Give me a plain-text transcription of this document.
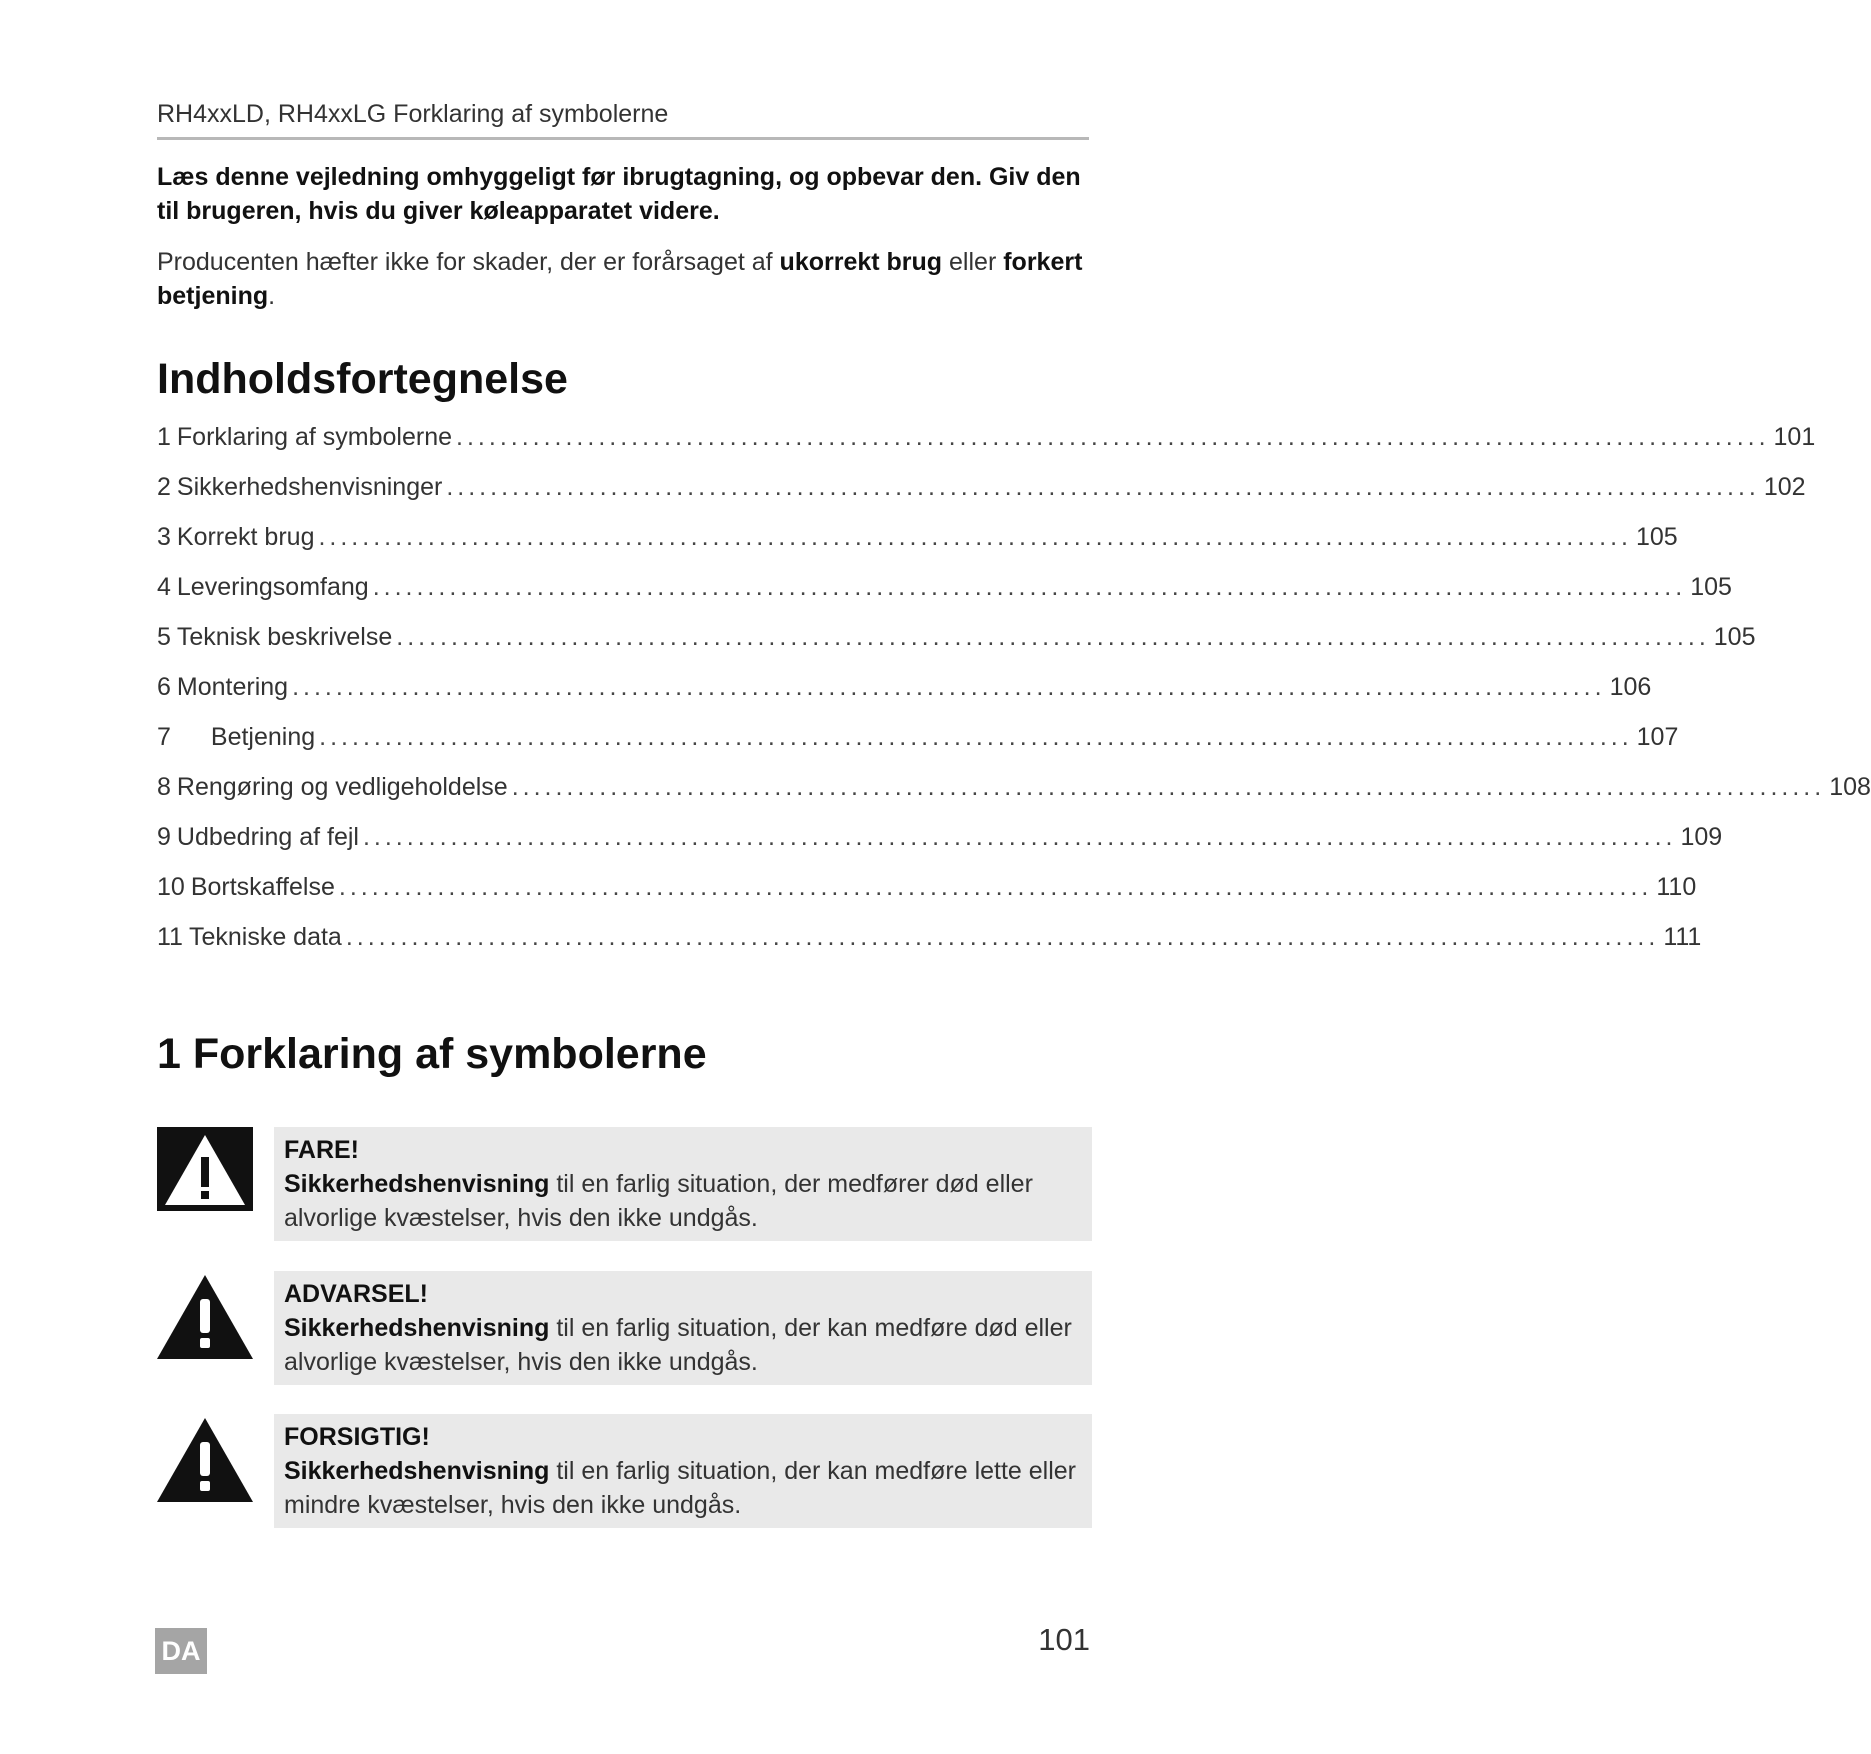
RH4xxLD, RH4xxLG Forklaring af symbolerne
Læs denne vejledning omhyggeligt før ibrugtagning, og opbevar den. Giv den til brugeren, hvis du giver køleapparatet videre.
Producenten hæfter ikke for skader, der er forårsaget af ukorrekt brug eller forkert betjening.
Indholdsfortegnelse
1 Forklaring af symbolerne ........................................................................................................................ 101
2 Sikkerhedshenvisninger ........................................................................................................................ 102
3 Korrekt brug ........................................................................................................................ 105
4 Leveringsomfang ........................................................................................................................ 105
5 Teknisk beskrivelse ........................................................................................................................ 105
6 Montering ........................................................................................................................ 106
7 Betjening ........................................................................................................................ 107
8 Rengøring og vedligeholdelse ........................................................................................................................ 108
9 Udbedring af fejl ........................................................................................................................ 109
10 Bortskaffelse ........................................................................................................................ 110
11 Tekniske data ........................................................................................................................ 111
1 Forklaring af symbolerne
FARE!
Sikkerhedshenvisning til en farlig situation, der medfører død eller alvorlige kvæstelser, hvis den ikke undgås.
ADVARSEL!
Sikkerhedshenvisning til en farlig situation, der kan medføre død eller alvorlige kvæstelser, hvis den ikke undgås.
FORSIGTIG!
Sikkerhedshenvisning til en farlig situation, der kan medføre lette eller mindre kvæstelser, hvis den ikke undgås.
DA	101
